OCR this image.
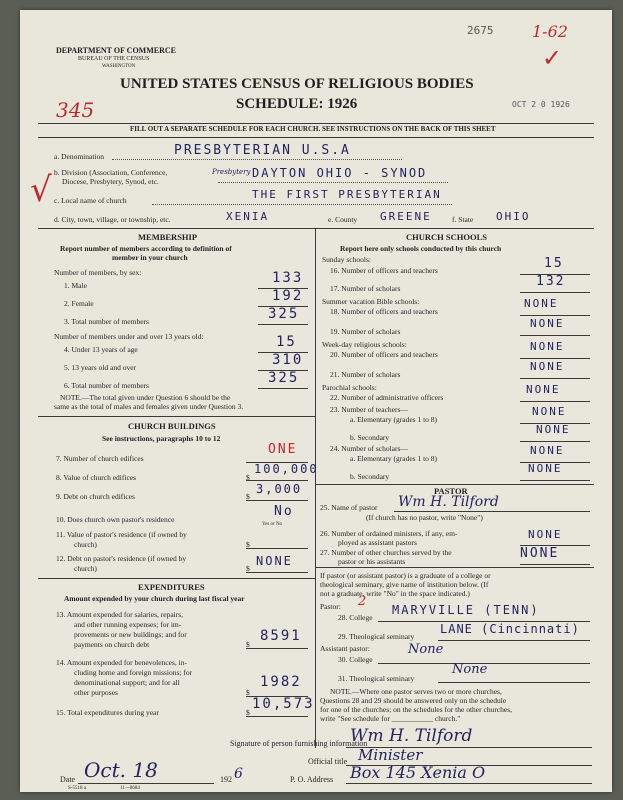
DEPARTMENT OF COMMERCE
BUREAU OF THE CENSUS
WASHINGTON
2675 1-62
✓
345	OCT 2 0 1926
UNITED STATES CENSUS OF RELIGIOUS BODIES
SCHEDULE: 1926
FILL OUT A SEPARATE SCHEDULE FOR EACH CHURCH. SEE INSTRUCTIONS ON THE BACK OF THIS SHEET
√
a. Denomination	PRESBYTERIAN U.S.A
b. Division (Association, Conference,
Diocese, Presbytery, Synod, etc.
Presbytery DAYTON OHIO - SYNOD
c. Local name of church	THE FIRST PRESBYTERIAN
d. City, town, village, or township, etc.	XENIA	e. County GREENE	f. State OHIO
MEMBERSHIP
Report number of members according to definition of
member in your church
Number of members, by sex:
1. Male	133
2. Female	192
3. Total number of members	325
Number of members under and over 13 years old:
4. Under 13 years of age	15
5. 13 years old and over	310
6. Total number of members	325
NOTE.—The total given under Question 6 should be the
same as the total of males and females given under Question 3.
CHURCH BUILDINGS
See instructions, paragraphs 10 to 12
7. Number of church edifices
ONE
8. Value of church edifices	$
100,000
9. Debt on church edifices	$
3,000
10. Does church own pastor's residence
No
Yes or No
11. Value of pastor's residence (if owned by
church)	$
12. Debt on pastor's residence (if owned by
church)	$
NONE
EXPENDITURES
Amount expended by your church during last fiscal year
13. Amount expended for salaries, repairs,
and other running expenses; for im-
provements or new buildings; and for
payments on church debt	$
8591
14. Amount expended for benevolences, in-
cluding home and foreign missions; for
denominational support; and for all
other purposes	$
1982
15. Total expenditures during year	$
10,573
CHURCH SCHOOLS
Report here only schools conducted by this church
Sunday schools:
16. Number of officers and teachers	15
17. Number of scholars	132
Summer vacation Bible schools:
18. Number of officers and teachers
NONE
19. Number of scholars
NONE
Week-day religious schools:
20. Number of officers and teachers
NONE
21. Number of scholars
NONE
Parochial schools:
22. Number of administrative officers
NONE
23. Number of teachers—
a. Elementary (grades 1 to 8)
NONE
b. Secondary
NONE
24. Number of scholars—
a. Elementary (grades 1 to 8)
NONE
b. Secondary
NONE
PASTOR
25. Name of pastor Wm H. Tilford
(If church has no pastor, write "None")
26. Number of ordained ministers, if any, em-
ployed as assistant pastors
NONE
27. Number of other churches served by the
pastor or his assistants
NONE
If pastor (or assistant pastor) is a graduate of a college or
theological seminary, give name of institution below. (If
not a graduate, write "No" in the space indicated.)
Pastor: 2
28. College
MARYVILLE (TENN)
29. Theological seminary
LANE (Cincinnati)
Assistant pastor:
30. College
None
31. Theological seminary
None
NOTE.—Where one pastor serves two or more churches,
Questions 28 and 29 should be answered only on the schedule
for one of the churches; on the schedules for the other churches,
write "See schedule for ___________ church."
Signature of person furnishing information
Wm H. Tilford
Official title Minister
Date Oct. 18	192 6	P. O. Address Box 145 Xenia O
S-5518 a	11—8684
